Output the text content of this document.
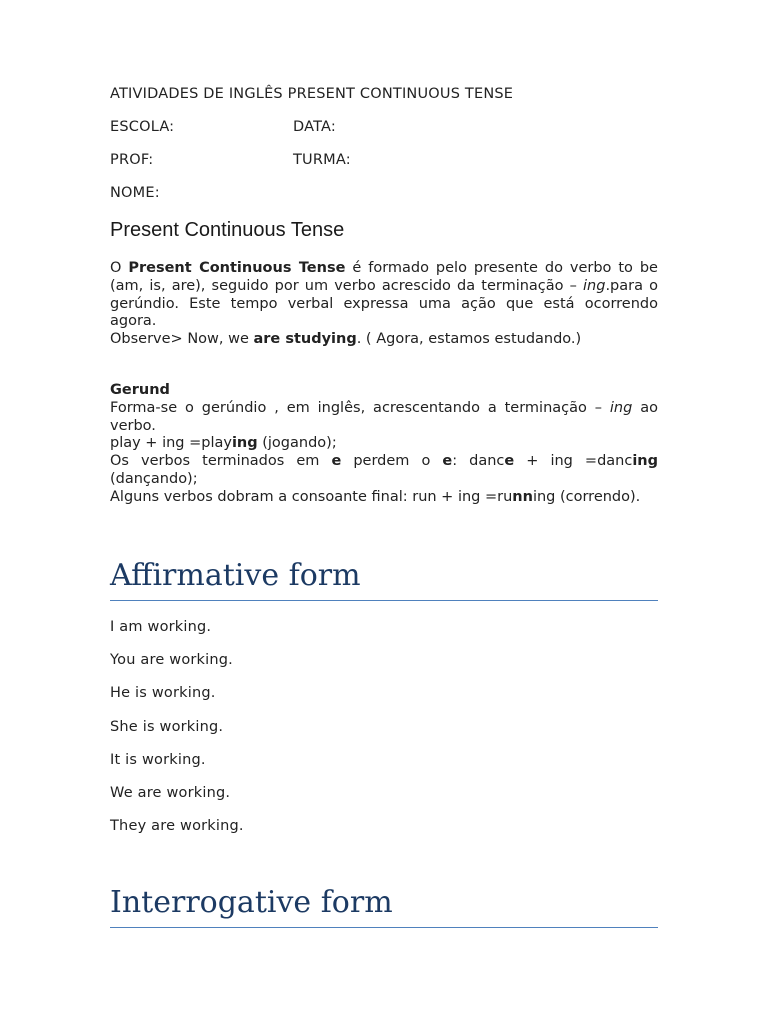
ATIVIDADES DE INGLÊS PRESENT CONTINUOUS TENSE
ESCOLA:	DATA:
PROF:	TURMA:
NOME:
Present Continuous Tense

O Present Continuous Tense é formado pelo presente do verbo to be (am, is, are), seguido por um verbo acrescido da terminação – ing.para o gerúndio. Este tempo verbal expressa uma ação que está ocorrendo agora.

Observe> Now, we are studying. ( Agora, estamos estudando.)

Gerund

Forma-se o gerúndio , em inglês, acrescentando a terminação – ing ao verbo.

play + ing =playing (jogando);

Os verbos terminados em e perdem o e: dance + ing =dancing (dançando);

Alguns verbos dobram a consoante final: run + ing =running (correndo).

Affirmative form
I am working.
You are working.
He is working.
She is working.
It is working.
We are working.
They are working.
Interrogative form
